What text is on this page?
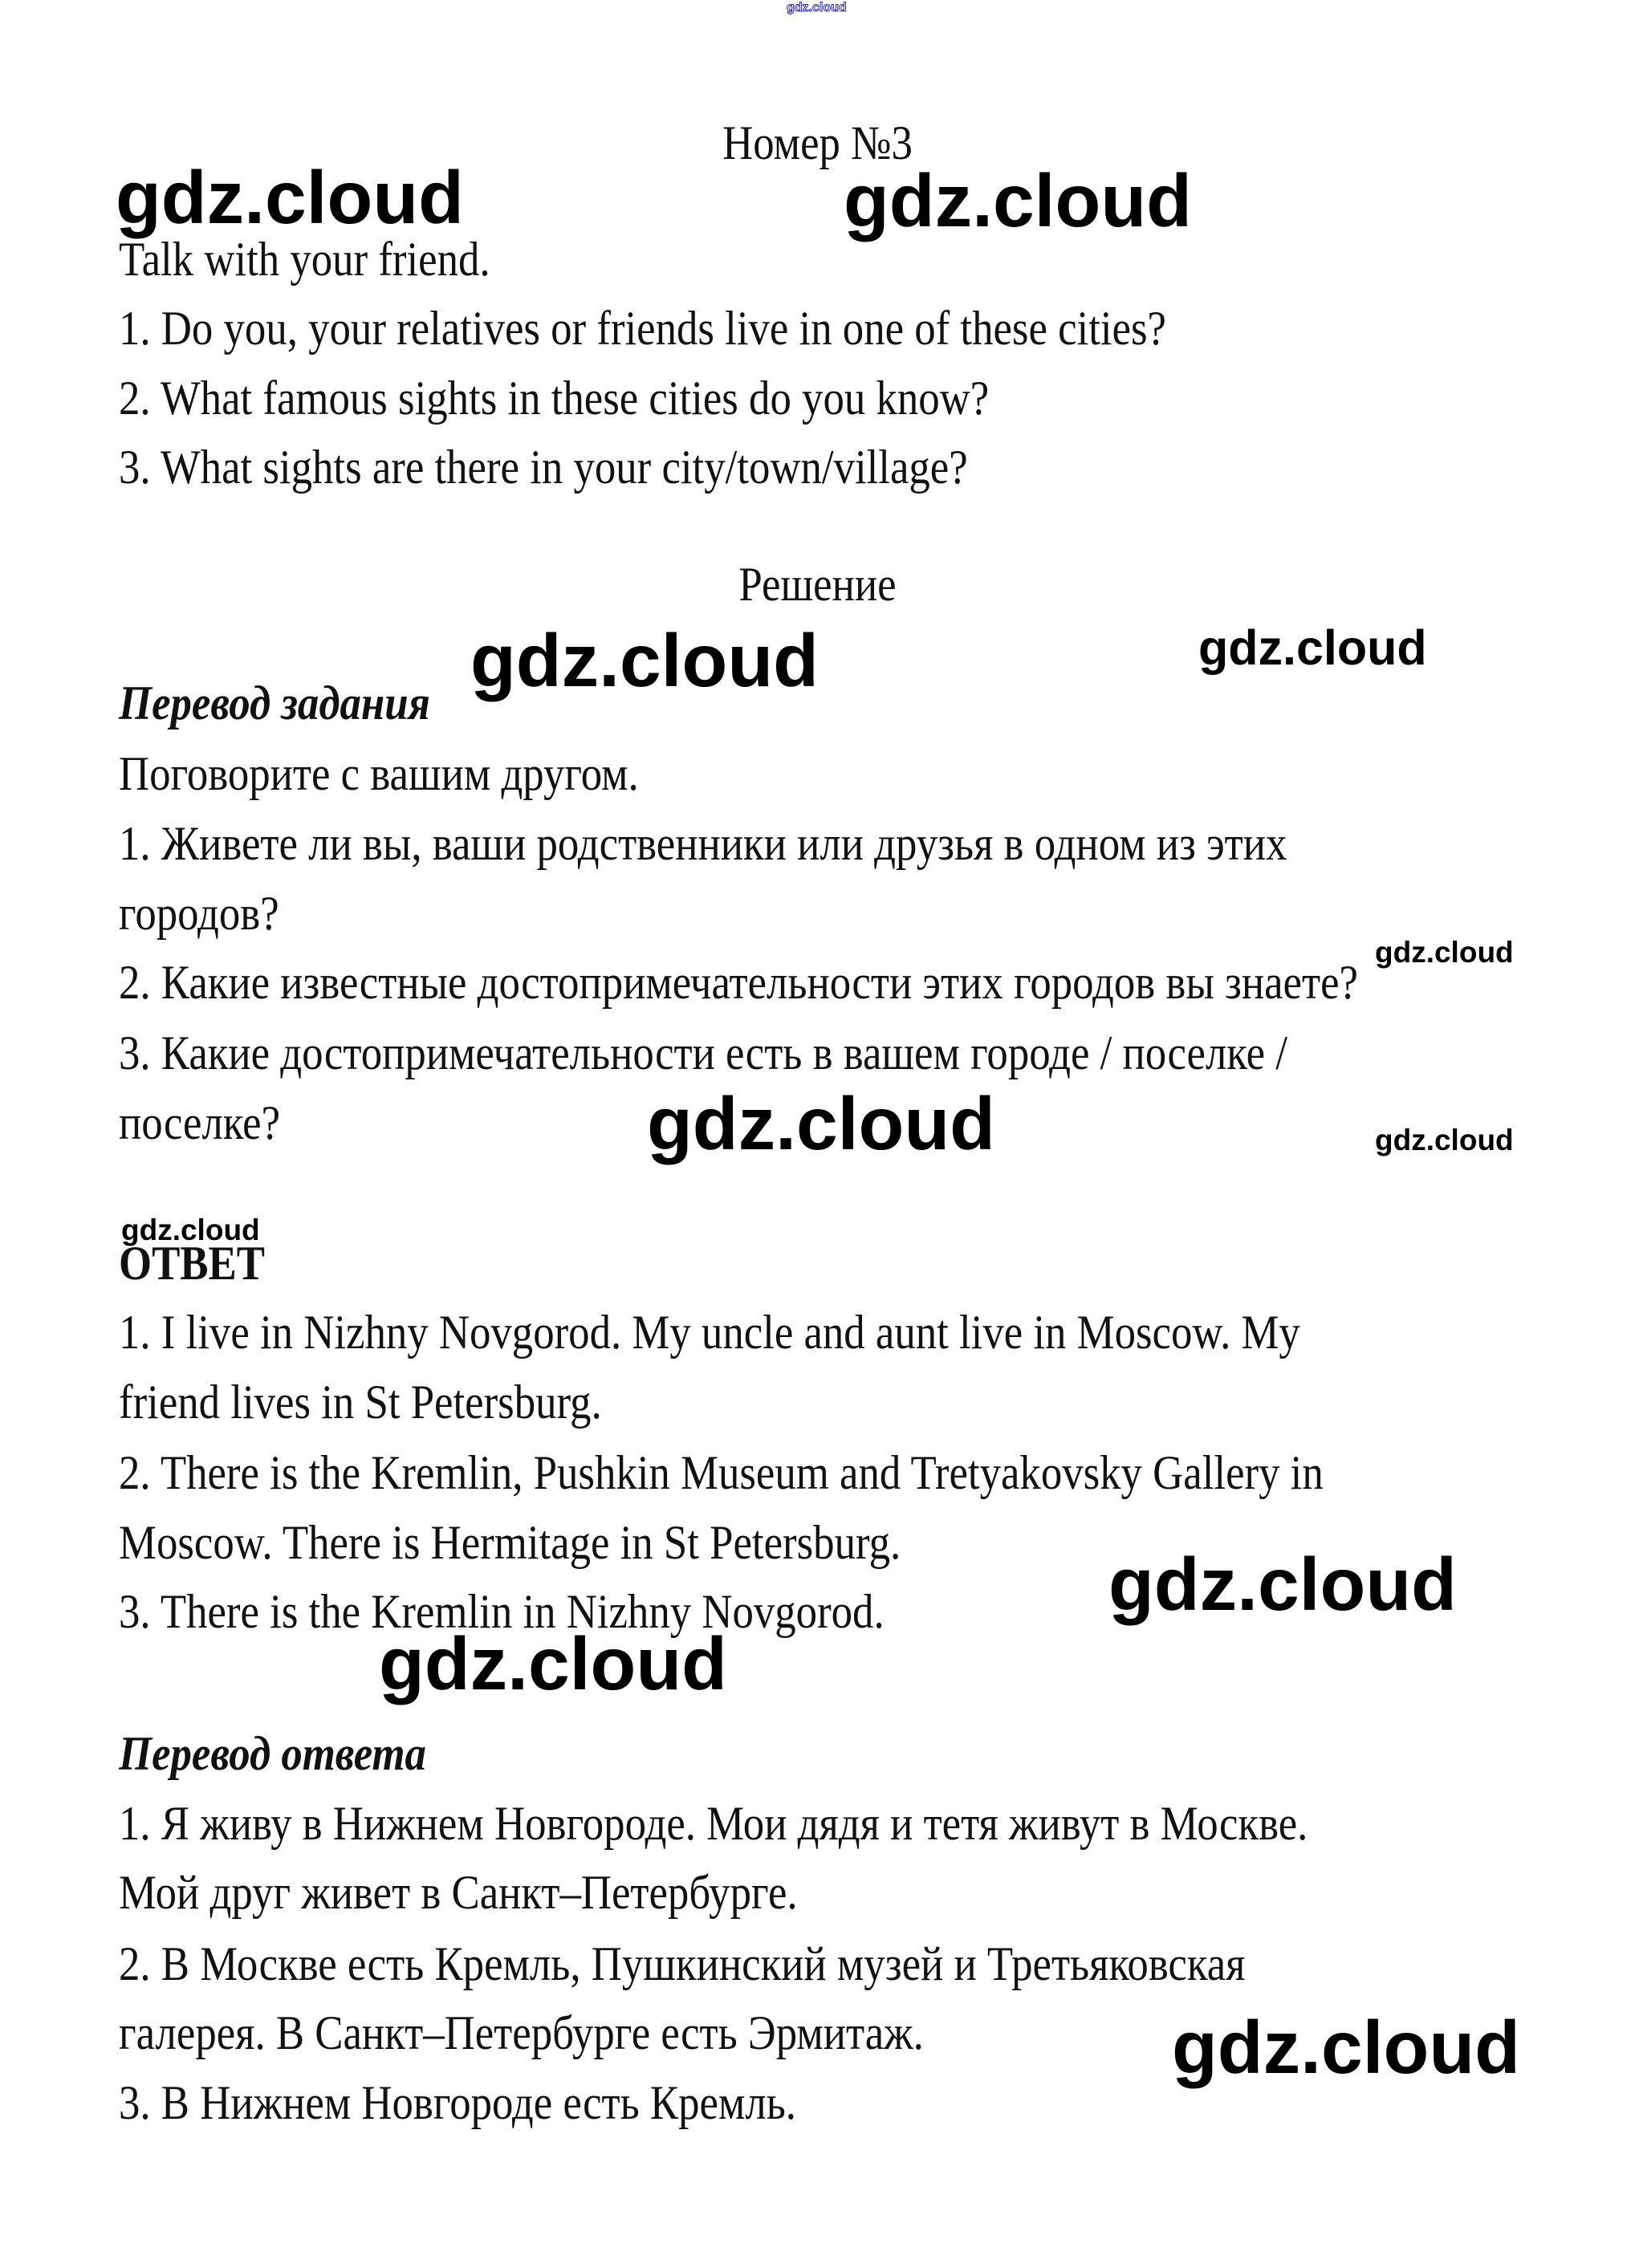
Номер №3
Talk with your friend.
1. Do you, your relatives or friends live in one of these cities?
2. What famous sights in these cities do you know?
3. What sights are there in your city/town/village?
Решение
Перевод задания
Поговорите с вашим другом.
1. Живете ли вы, ваши родственники или друзья в одном из этих
городов?
2. Какие известные достопримечательности этих городов вы знаете?
3. Какие достопримечательности есть в вашем городе / поселке /
поселке?
ОТВЕТ
1. I live in Nizhny Novgorod. My uncle and aunt live in Moscow. My
friend lives in St Petersburg.
2. There is the Kremlin, Pushkin Museum and Tretyakovsky Gallery in
Moscow. There is Hermitage in St Petersburg.
3. There is the Kremlin in Nizhny Novgorod.
Перевод ответа
1. Я живу в Нижнем Новгороде. Мои дядя и тетя живут в Москве.
Мой друг живет в Санкт–Петербурге.
2. В Москве есть Кремль, Пушкинский музей и Третьяковская
галерея. В Санкт–Петербурге есть Эрмитаж.
3. В Нижнем Новгороде есть Кремль.
gdz.cloud
gdz.cloud	gdz.cloud
gdz.cloud	gdz.cloud
gdz.cloud
gdz.cloud	gdz.cloud
gdz.cloud
gdz.cloud
gdz.cloud
gdz.cloud
